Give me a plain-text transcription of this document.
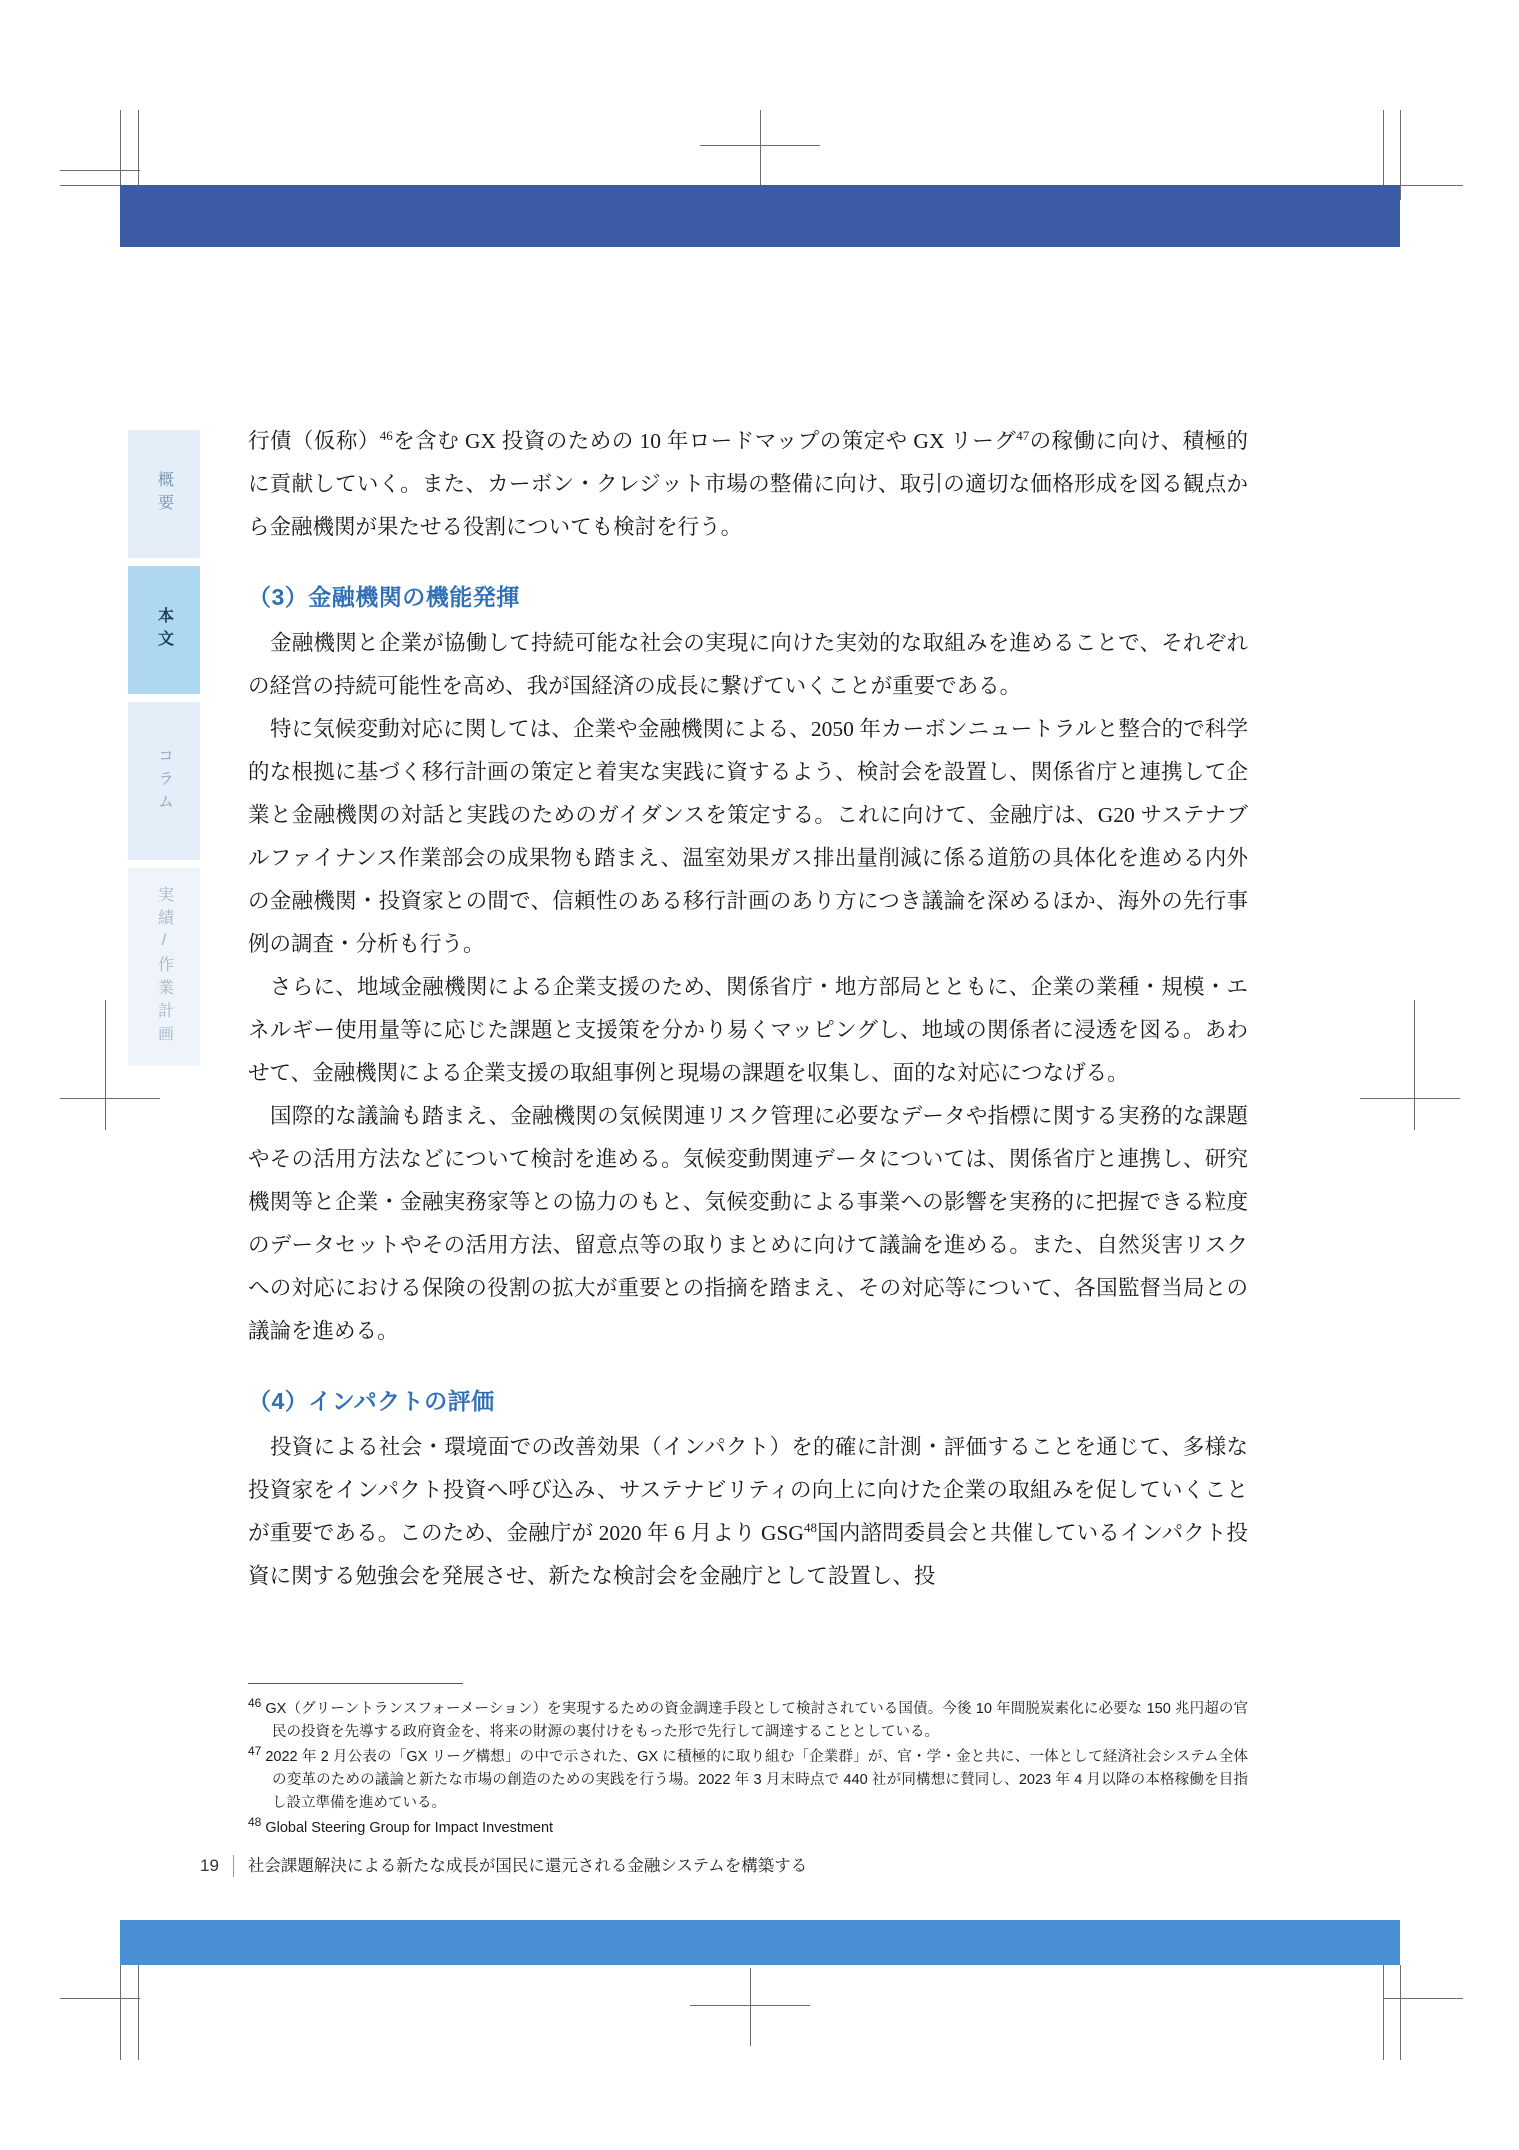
概要
本文
コラム
実績/作業計画

行債（仮称）$^{46}$を含む GX 投資のための 10 年ロードマップの策定や GX リーグ$^{47}$の稼働に向け、積極的に貢献していく。また、カーボン・クレジット市場の整備に向け、取引の適切な価格形成を図る観点から金融機関が果たせる役割についても検討を行う。

（3）金融機関の機能発揮

金融機関と企業が協働して持続可能な社会の実現に向けた実効的な取組みを進めることで、それぞれの経営の持続可能性を高め、我が国経済の成長に繋げていくことが重要である。

特に気候変動対応に関しては、企業や金融機関による、2050 年カーボンニュートラルと整合的で科学的な根拠に基づく移行計画の策定と着実な実践に資するよう、検討会を設置し、関係省庁と連携して企業と金融機関の対話と実践のためのガイダンスを策定する。これに向けて、金融庁は、G20 サステナブルファイナンス作業部会の成果物も踏まえ、温室効果ガス排出量削減に係る道筋の具体化を進める内外の金融機関・投資家との間で、信頼性のある移行計画のあり方につき議論を深めるほか、海外の先行事例の調査・分析も行う。

さらに、地域金融機関による企業支援のため、関係省庁・地方部局とともに、企業の業種・規模・エネルギー使用量等に応じた課題と支援策を分かり易くマッピングし、地域の関係者に浸透を図る。あわせて、金融機関による企業支援の取組事例と現場の課題を収集し、面的な対応につなげる。

国際的な議論も踏まえ、金融機関の気候関連リスク管理に必要なデータや指標に関する実務的な課題やその活用方法などについて検討を進める。気候変動関連データについては、関係省庁と連携し、研究機関等と企業・金融実務家等との協力のもと、気候変動による事業への影響を実務的に把握できる粒度のデータセットやその活用方法、留意点等の取りまとめに向けて議論を進める。また、自然災害リスクへの対応における保険の役割の拡大が重要との指摘を踏まえ、その対応等について、各国監督当局との議論を進める。

（4）インパクトの評価

投資による社会・環境面での改善効果（インパクト）を的確に計測・評価することを通じて、多様な投資家をインパクト投資へ呼び込み、サステナビリティの向上に向けた企業の取組みを促していくことが重要である。このため、金融庁が 2020 年 6 月より GSG$^{48}$国内諮問委員会と共催しているインパクト投資に関する勉強会を発展させ、新たな検討会を金融庁として設置し、投

$^{46}$ GX（グリーントランスフォーメーション）を実現するための資金調達手段として検討されている国債。今後 10 年間脱炭素化に必要な 150 兆円超の官民の投資を先導する政府資金を、将来の財源の裏付けをもった形で先行して調達することとしている。
$^{47}$ 2022 年 2 月公表の「GX リーグ構想」の中で示された、GX に積極的に取り組む「企業群」が、官・学・金と共に、一体として経済社会システム全体の変革のための議論と新たな市場の創造のための実践を行う場。2022 年 3 月末時点で 440 社が同構想に賛同し、2023 年 4 月以降の本格稼働を目指し設立準備を進めている。
$^{48}$ Global Steering Group for Impact Investment
19	社会課題解決による新たな成長が国民に還元される金融システムを構築する
